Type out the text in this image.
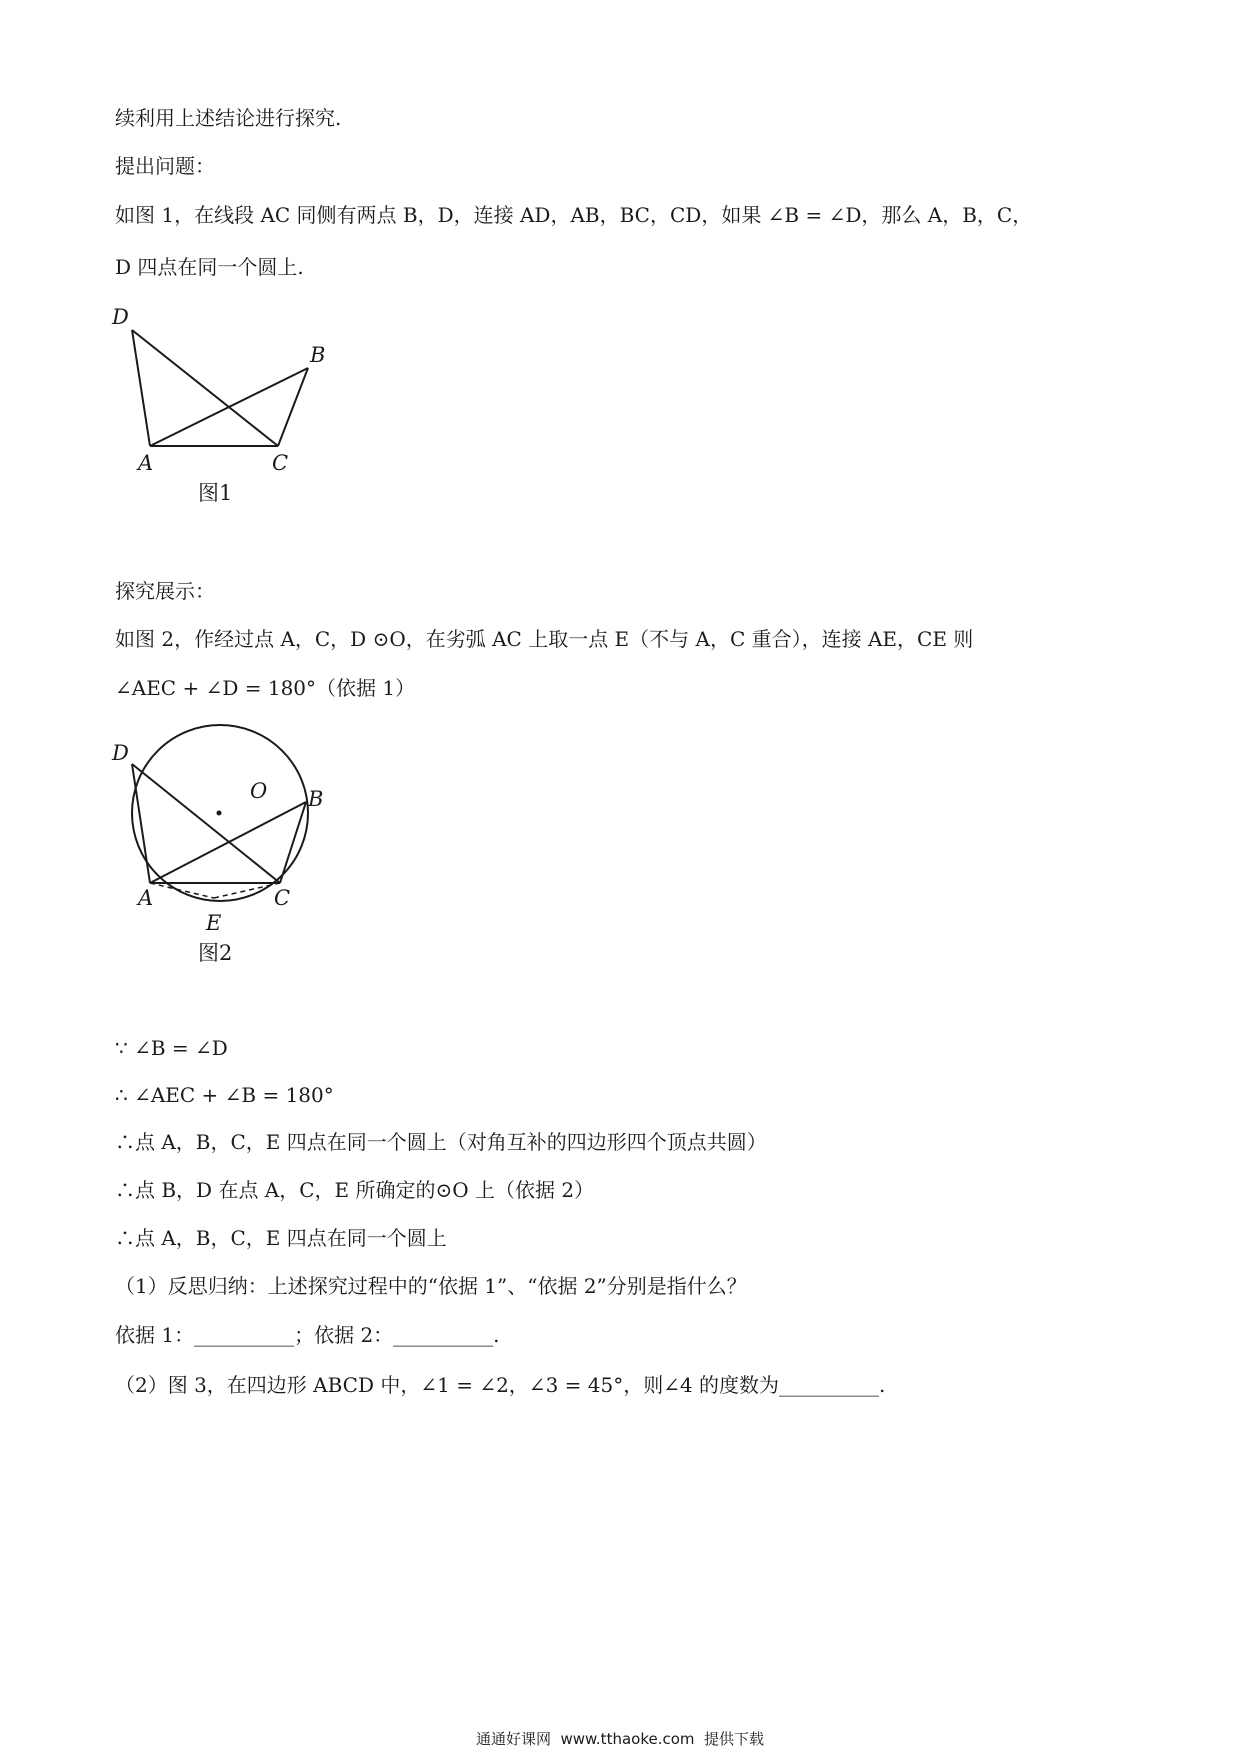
续利用上述结论进行探究.
提出问题：
如图 1，在线段 AC 同侧有两点 B，D，连接 AD，AB，BC，CD，如果 ∠B = ∠D，那么 A，B，C，
D 四点在同一个圆上.
D
B
A	C
图1
探究展示：
如图 2，作经过点 A，C，D ⊙O，在劣弧 AC 上取一点 E（不与 A，C 重合），连接 AE，CE 则
∠AEC + ∠D = 180°（依据 1）
D
O B
A	C
E
图2
∵ ∠B = ∠D
∴ ∠AEC + ∠B = 180°
∴点 A，B，C，E 四点在同一个圆上（对角互补的四边形四个顶点共圆）
∴点 B，D 在点 A，C，E 所确定的⊙O 上（依据 2）
∴点 A，B，C，E 四点在同一个圆上
（1）反思归纳：上述探究过程中的“依据 1”、“依据 2”分别是指什么？
依据 1：__________；依据 2：__________.
（2）图 3，在四边形 ABCD 中，∠1 = ∠2，∠3 = 45°，则∠4 的度数为__________.
通通好课网  www.tthaoke.com  提供下载
